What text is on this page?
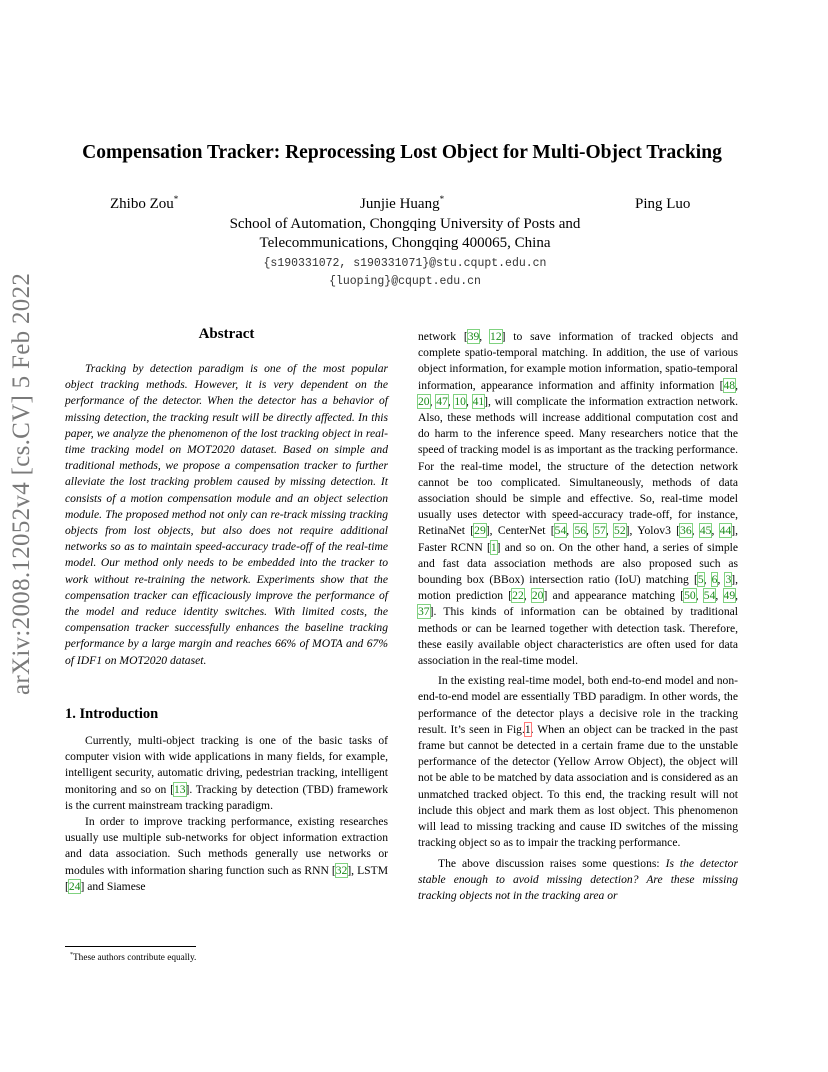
arXiv:2008.12052v4 [cs.CV] 5 Feb 2022
Compensation Tracker: Reprocessing Lost Object for Multi-Object Tracking
Zhibo Zou*	Junjie Huang*	Ping Luo
School of Automation, Chongqing University of Posts and
Telecommunications, Chongqing 400065, China
{s190331072, s190331071}@stu.cqupt.edu.cn
{luoping}@cqupt.edu.cn
Abstract

Tracking by detection paradigm is one of the most popular object tracking methods. However, it is very dependent on the performance of the detector. When the detector has a behavior of missing detection, the tracking result will be directly affected. In this paper, we analyze the phenomenon of the lost tracking object in real-time tracking model on MOT2020 dataset. Based on simple and traditional methods, we propose a compensation tracker to further alleviate the lost tracking problem caused by missing detection. It consists of a motion compensation module and an object selection module. The proposed method not only can re-track missing tracking objects from lost objects, but also does not require additional networks so as to maintain speed-accuracy trade-off of the real-time model. Our method only needs to be embedded into the tracker to work without re-training the network. Experiments show that the compensation tracker can efficaciously improve the performance of the model and reduce identity switches. With limited costs, the compensation tracker successfully enhances the baseline tracking performance by a large margin and reaches 66% of MOTA and 67% of IDF1 on MOT2020 dataset.

1. Introduction

Currently, multi-object tracking is one of the basic tasks of computer vision with wide applications in many fields, for example, intelligent security, automatic driving, pedestrian tracking, intelligent monitoring and so on [13]. Tracking by detection (TBD) framework is the current mainstream tracking paradigm.

In order to improve tracking performance, existing researches usually use multiple sub-networks for object information extraction and data association. Such methods generally use networks or modules with information sharing function such as RNN [32], LSTM [24] and Siamese

network [39, 12] to save information of tracked objects and complete spatio-temporal matching. In addition, the use of various object information, for example motion information, spatio-temporal information, appearance information and affinity information [48, 20, 47, 10, 41], will complicate the information extraction network. Also, these methods will increase additional computation cost and do harm to the inference speed. Many researchers notice that the speed of tracking model is as important as the tracking performance. For the real-time model, the structure of the detection network cannot be too complicated. Simultaneously, methods of data association should be simple and effective. So, real-time model usually uses detector with speed-accuracy trade-off, for instance, RetinaNet [29], CenterNet [54, 56, 57, 52], Yolov3 [36, 45, 44], Faster RCNN [1] and so on. On the other hand, a series of simple and fast data association methods are also proposed such as bounding box (BBox) intersection ratio (IoU) matching [5, 6, 3], motion prediction [22, 20] and appearance matching [50, 54, 49, 37]. This kinds of information can be obtained by traditional methods or can be learned together with detection task. Therefore, these easily available object characteristics are often used for data association in the real-time model.

In the existing real-time model, both end-to-end model and non-end-to-end model are essentially TBD paradigm. In other words, the performance of the detector plays a decisive role in the tracking result. It’s seen in Fig.1. When an object can be tracked in the past frame but cannot be detected in a certain frame due to the unstable performance of the detector (Yellow Arrow Object), the object will not be able to be matched by data association and is considered as an unmatched tracked object. To this end, the tracking result will not include this object and mark them as lost object. This phenomenon will lead to missing tracking and cause ID switches of the missing tracking object so as to impair the tracking performance.

The above discussion raises some questions: Is the detector stable enough to avoid missing detection? Are these missing tracking objects not in the tracking area or

*These authors contribute equally.
